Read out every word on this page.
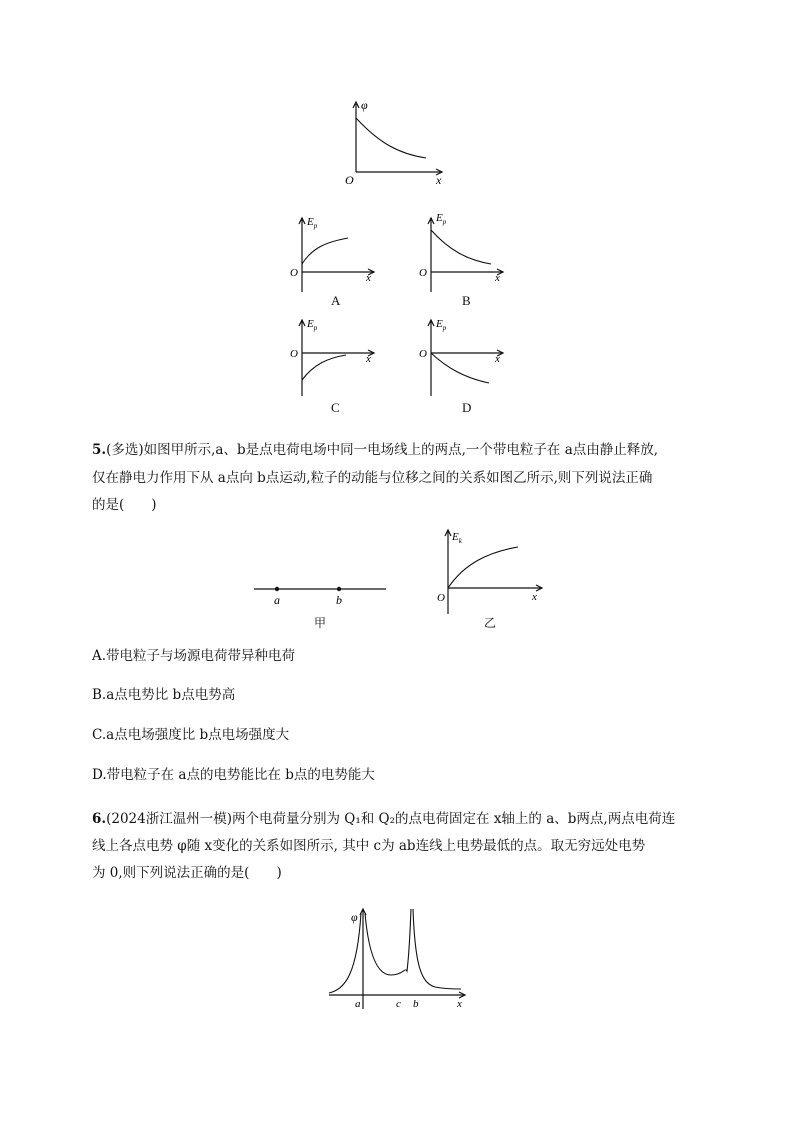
φ
O	x
$E_p$
O	x
A
$E_p$
O	x
B
$E_p$
O	x
C
$E_p$
O	x
D
5.(多选)如图甲所示,a、b是点电荷电场中同一电场线上的两点,一个带电粒子在 a点由静止释放,
仅在静电力作用下从 a点向 b点运动,粒子的动能与位移之间的关系如图乙所示,则下列说法正确
的是(　　)
a	b
甲
$E_k$
O	x
乙
A.带电粒子与场源电荷带异种电荷
B.a点电势比 b点电势高
C.a点电场强度比 b点电场强度大
D.带电粒子在 a点的电势能比在 b点的电势能大
6.(2024浙江温州一模)两个电荷量分别为 Q₁和 Q₂的点电荷固定在 x轴上的 a、b两点,两点电荷连
线上各点电势 φ随 x变化的关系如图所示, 其中 c为 ab连线上电势最低的点。取无穷远处电势
为 0,则下列说法正确的是(　　)
φ
a	c b	x
